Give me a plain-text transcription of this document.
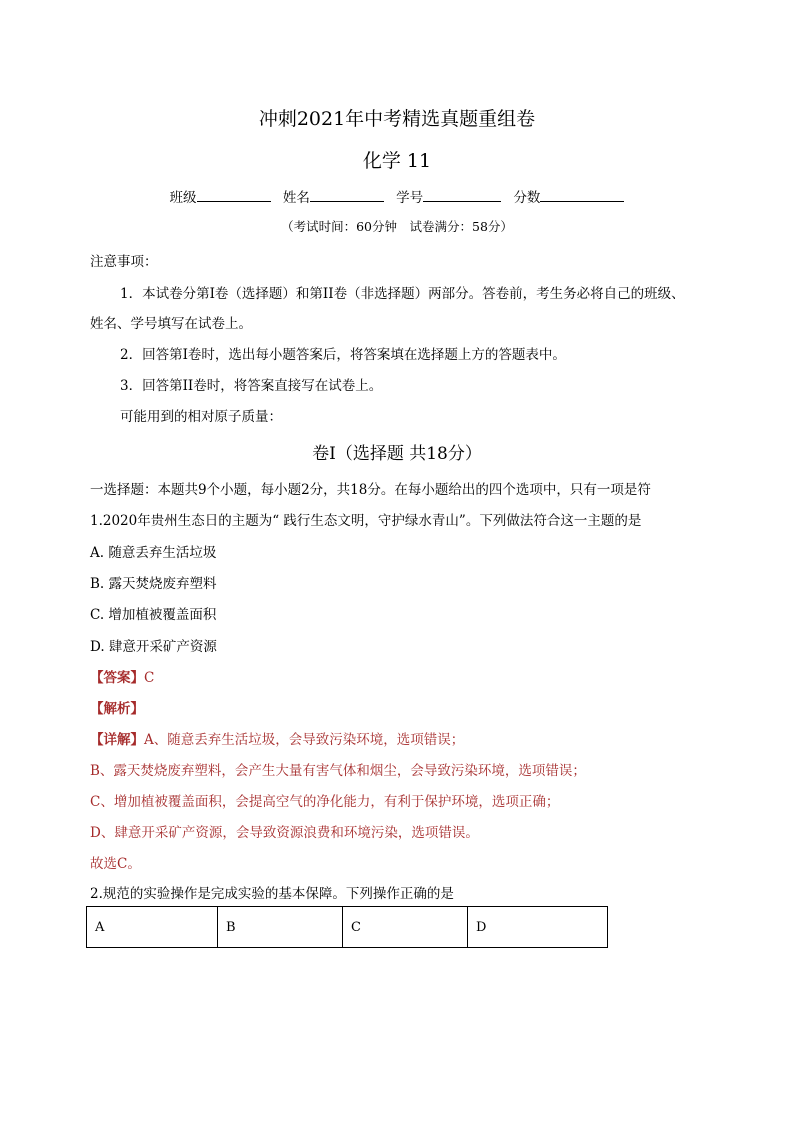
冲刺2021年中考精选真题重组卷
化学 11
班级	姓名	学号	分数
（考试时间：60分钟　试卷满分：58分）
注意事项：
1．本试卷分第I卷（选择题）和第II卷（非选择题）两部分。答卷前，考生务必将自己的班级、
姓名、学号填写在试卷上。
2．回答第I卷时，选出每小题答案后，将答案填在选择题上方的答题表中。
3．回答第II卷时，将答案直接写在试卷上。
可能用到的相对原子质量：
卷Ⅰ（选择题 共18分）
一选择题：本题共9个小题，每小题2分，共18分。在每小题给出的四个选项中，只有一项是符
1.2020年贵州生态日的主题为“ 践行生态文明，守护绿水青山”。下列做法符合这一主题的是
A. 随意丢弃生活垃圾
B. 露天焚烧废弃塑料
C. 增加植被覆盖面积
D. 肆意开采矿产资源
【答案】C
【解析】
【详解】A、随意丢弃生活垃圾，会导致污染环境，选项错误；
B、露天焚烧废弃塑料，会产生大量有害气体和烟尘，会导致污染环境，选项错误；
C、增加植被覆盖面积，会提高空气的净化能力，有利于保护环境，选项正确；
D、肆意开采矿产资源，会导致资源浪费和环境污染，选项错误。
故选C。
2.规范的实验操作是完成实验的基本保障。下列操作正确的是
A	B	C	D
